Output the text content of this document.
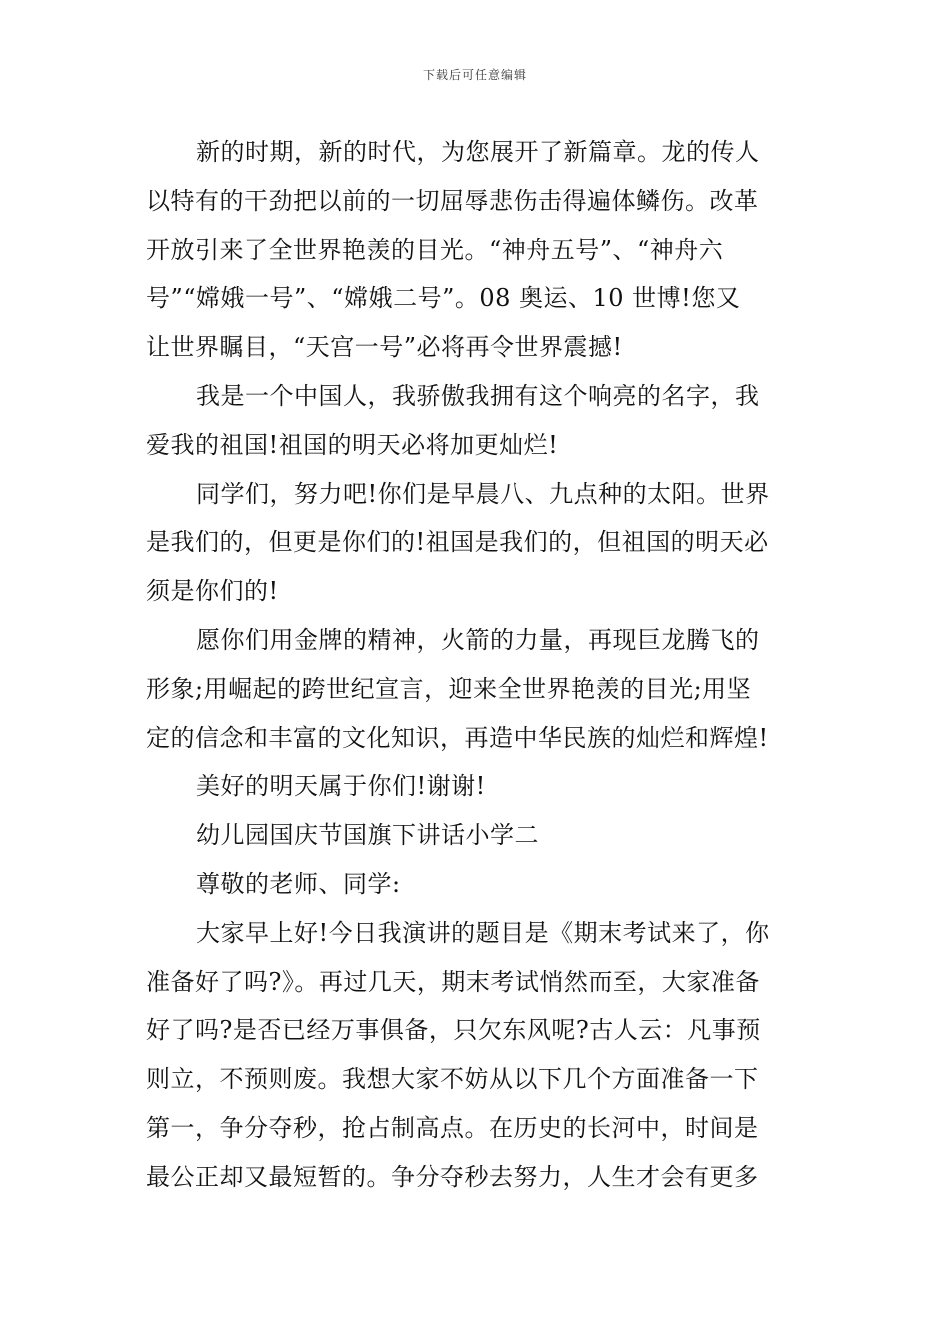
下载后可任意编辑

新的时期，新的时代，为您展开了新篇章。龙的传人
以特有的干劲把以前的一切屈辱悲伤击得遍体鳞伤。改革
开放引来了全世界艳羡的目光。“神舟五号”、“神舟六
号”“嫦娥一号”、“嫦娥二号”。08 奥运、10 世博!您又
让世界瞩目，“天宫一号”必将再令世界震撼!

我是一个中国人，我骄傲我拥有这个响亮的名字，我
爱我的祖国!祖国的明天必将加更灿烂!

同学们，努力吧!你们是早晨八、九点种的太阳。世界
是我们的，但更是你们的!祖国是我们的，但祖国的明天必
须是你们的!

愿你们用金牌的精神，火箭的力量，再现巨龙腾飞的
形象;用崛起的跨世纪宣言，迎来全世界艳羡的目光;用坚
定的信念和丰富的文化知识，再造中华民族的灿烂和辉煌!

美好的明天属于你们!谢谢!

幼儿园国庆节国旗下讲话小学二

尊敬的老师、同学:

大家早上好!今日我演讲的题目是《期末考试来了，你
准备好了吗?》。再过几天，期末考试悄然而至，大家准备
好了吗?是否已经万事俱备，只欠东风呢?古人云：凡事预
则立，不预则废。我想大家不妨从以下几个方面准备一下
第一，争分夺秒，抢占制高点。在历史的长河中，时间是
最公正却又最短暂的。争分夺秒去努力，人生才会有更多
